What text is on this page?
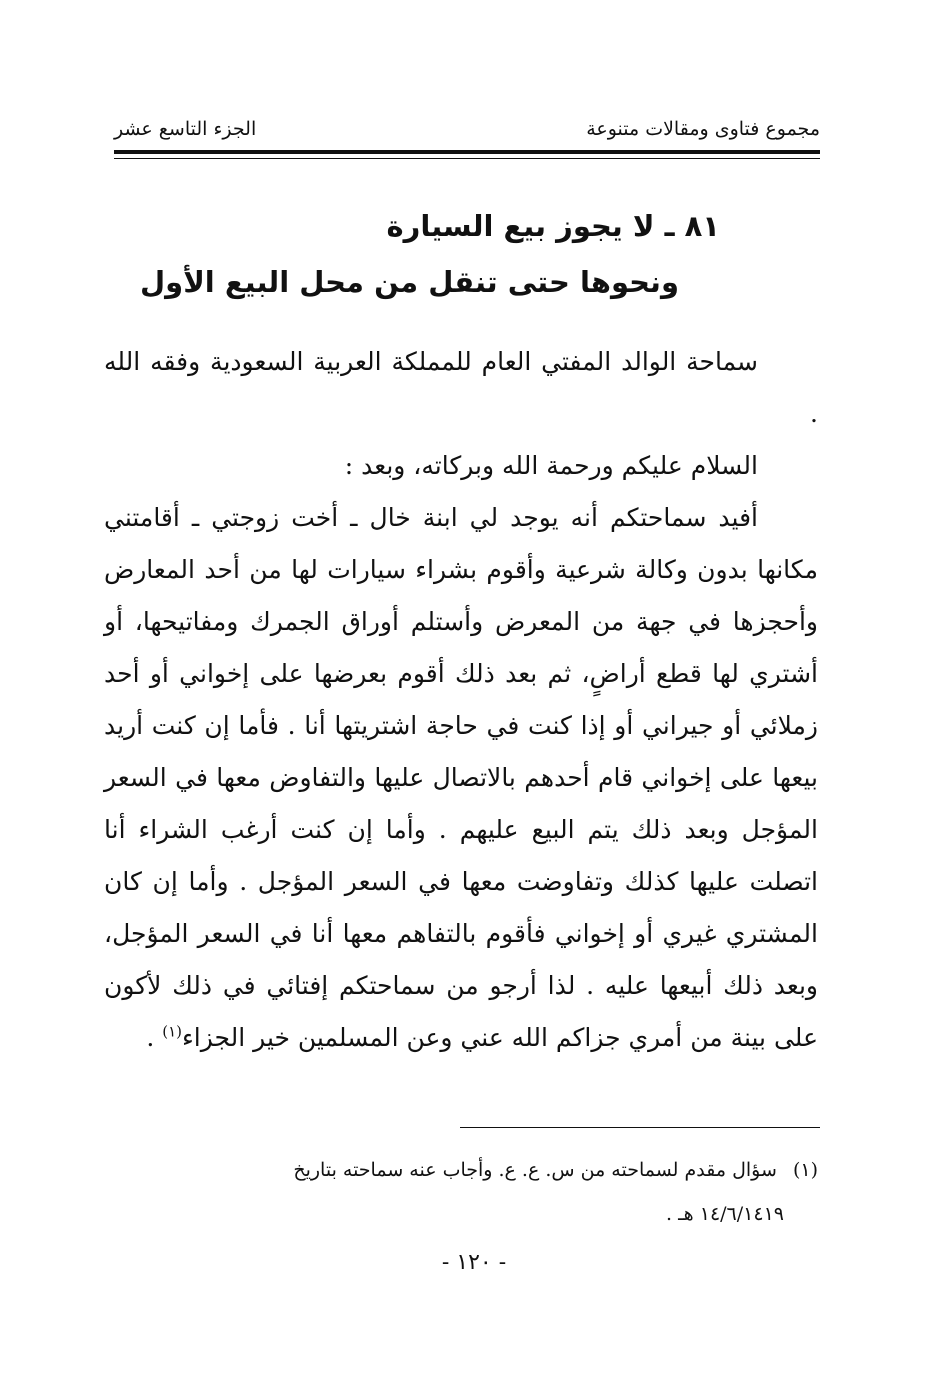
مجموع فتاوى ومقالات متنوعة
الجزء التاسع عشر
٨١ ـ لا يجوز بيع السيارة
ونحوها حتى تنقل من محل البيع الأول

سماحة الوالد المفتي العام للمملكة العربية السعودية وفقه الله .

السلام عليكم ورحمة الله وبركاته، وبعد :

أفيد سماحتكم أنه يوجد لي ابنة خال ـ أخت زوجتي ـ أقامتني مكانها بدون وكالة شرعية وأقوم بشراء سيارات لها من أحد المعارض وأحجزها في جهة من المعرض وأستلم أوراق الجمرك ومفاتيحها، أو أشتري لها قطع أراضٍ، ثم بعد ذلك أقوم بعرضها على إخواني أو أحد زملائي أو جيراني أو إذا كنت في حاجة اشتريتها أنا . فأما إن كنت أريد بيعها على إخواني قام أحدهم بالاتصال عليها والتفاوض معها في السعر المؤجل وبعد ذلك يتم البيع عليهم . وأما إن كنت أرغب الشراء أنا اتصلت عليها كذلك وتفاوضت معها في السعر المؤجل . وأما إن كان المشتري غيري أو إخواني فأقوم بالتفاهم معها أنا في السعر المؤجل، وبعد ذلك أبيعها عليه . لذا أرجو من سماحتكم إفتائي في ذلك لأكون على بينة من أمري جزاكم الله عني وعن المسلمين خير الجزاء$^{(١)}$ .

(١) سؤال مقدم لسماحته من س. ع. ع. وأجاب عنه سماحته بتاريخ
١٤/٦/١٤١٩ هـ .
- ١٢٠ -
